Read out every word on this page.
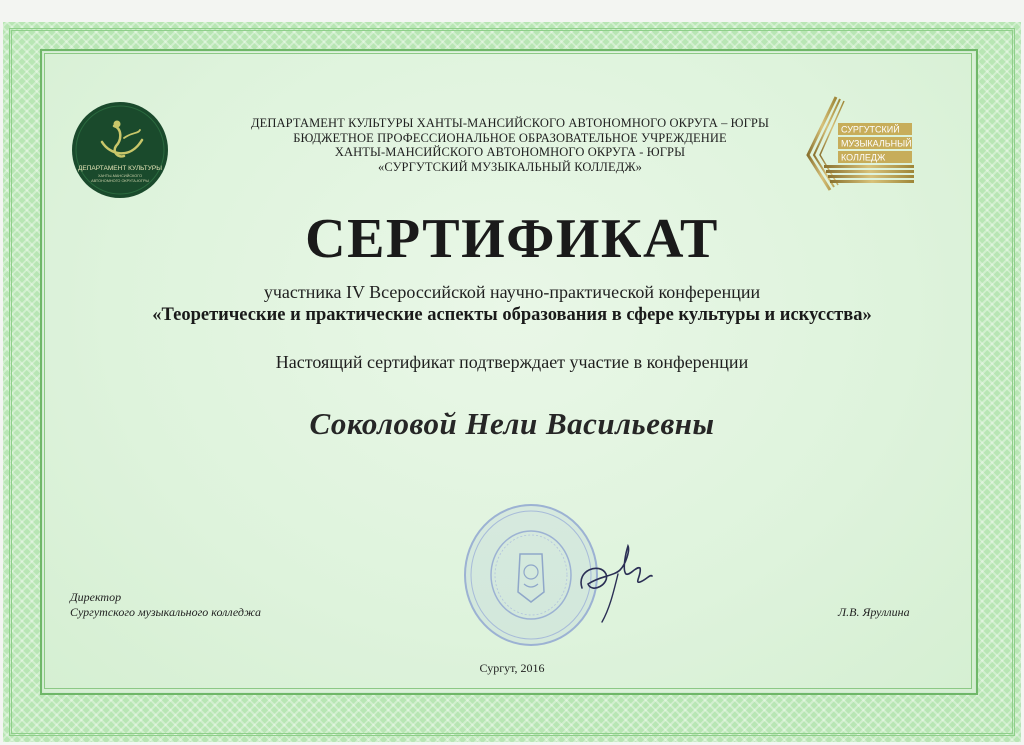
ДЕПАРТАМЕНТ КУЛЬТУРЫ
ХАНТЫ-МАНСИЙСКОГО
АВТОНОМНОГО ОКРУГА-ЮГРЫ
СУРГУТСКИЙ
МУЗЫКАЛЬНЫЙ
КОЛЛЕДЖ
ДЕПАРТАМЕНТ КУЛЬТУРЫ ХАНТЫ-МАНСИЙСКОГО АВТОНОМНОГО ОКРУГА – ЮГРЫ
БЮДЖЕТНОЕ ПРОФЕССИОНАЛЬНОЕ ОБРАЗОВАТЕЛЬНОЕ УЧРЕЖДЕНИЕ
ХАНТЫ-МАНСИЙСКОГО АВТОНОМНОГО ОКРУГА - ЮГРЫ
«СУРГУТСКИЙ МУЗЫКАЛЬНЫЙ КОЛЛЕДЖ»
СЕРТИФИКАТ
участника IV Всероссийской научно-практической конференции
«Теоретические и практические аспекты образования в сфере культуры и искусства»
Настоящий сертификат подтверждает участие в конференции
Соколовой Нели Васильевны
Директор
Сургутского музыкального колледжа	Л.В. Яруллина
Сургут, 2016
